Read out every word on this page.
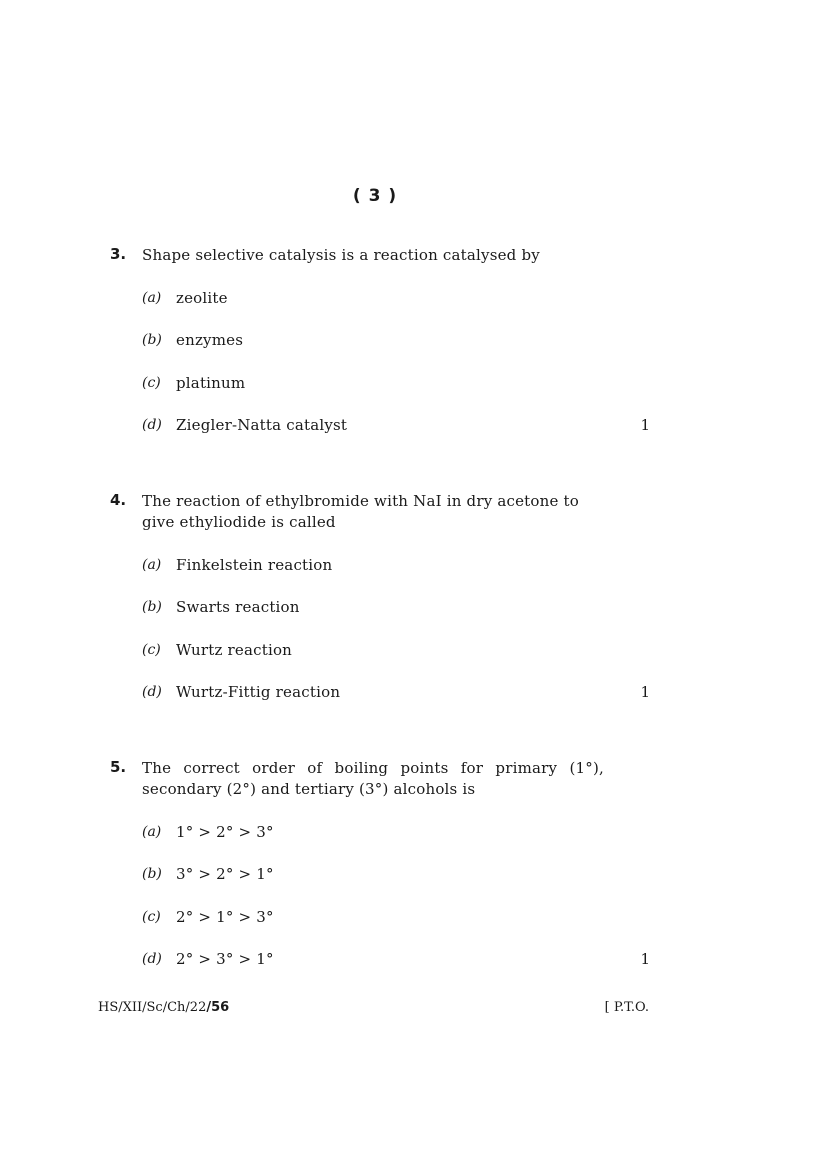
( 3 )
3. Shape selective catalysis is a reaction catalysed by
(a) zeolite
(b) enzymes
(c) platinum
(d) Ziegler-Natta catalyst	1
4. The reaction of ethylbromide with NaI in dry acetone to give ethyliodide is called
(a) Finkelstein reaction
(b) Swarts reaction
(c) Wurtz reaction
(d) Wurtz-Fittig reaction	1
5. The correct order of boiling points for primary (1°), secondary (2°) and tertiary (3°) alcohols is
(a) 1° > 2° > 3°
(b) 3° > 2° > 1°
(c) 2° > 1° > 3°
(d) 2° > 3° > 1°	1
HS/XII/Sc/Ch/22/56	[ P.T.O.
